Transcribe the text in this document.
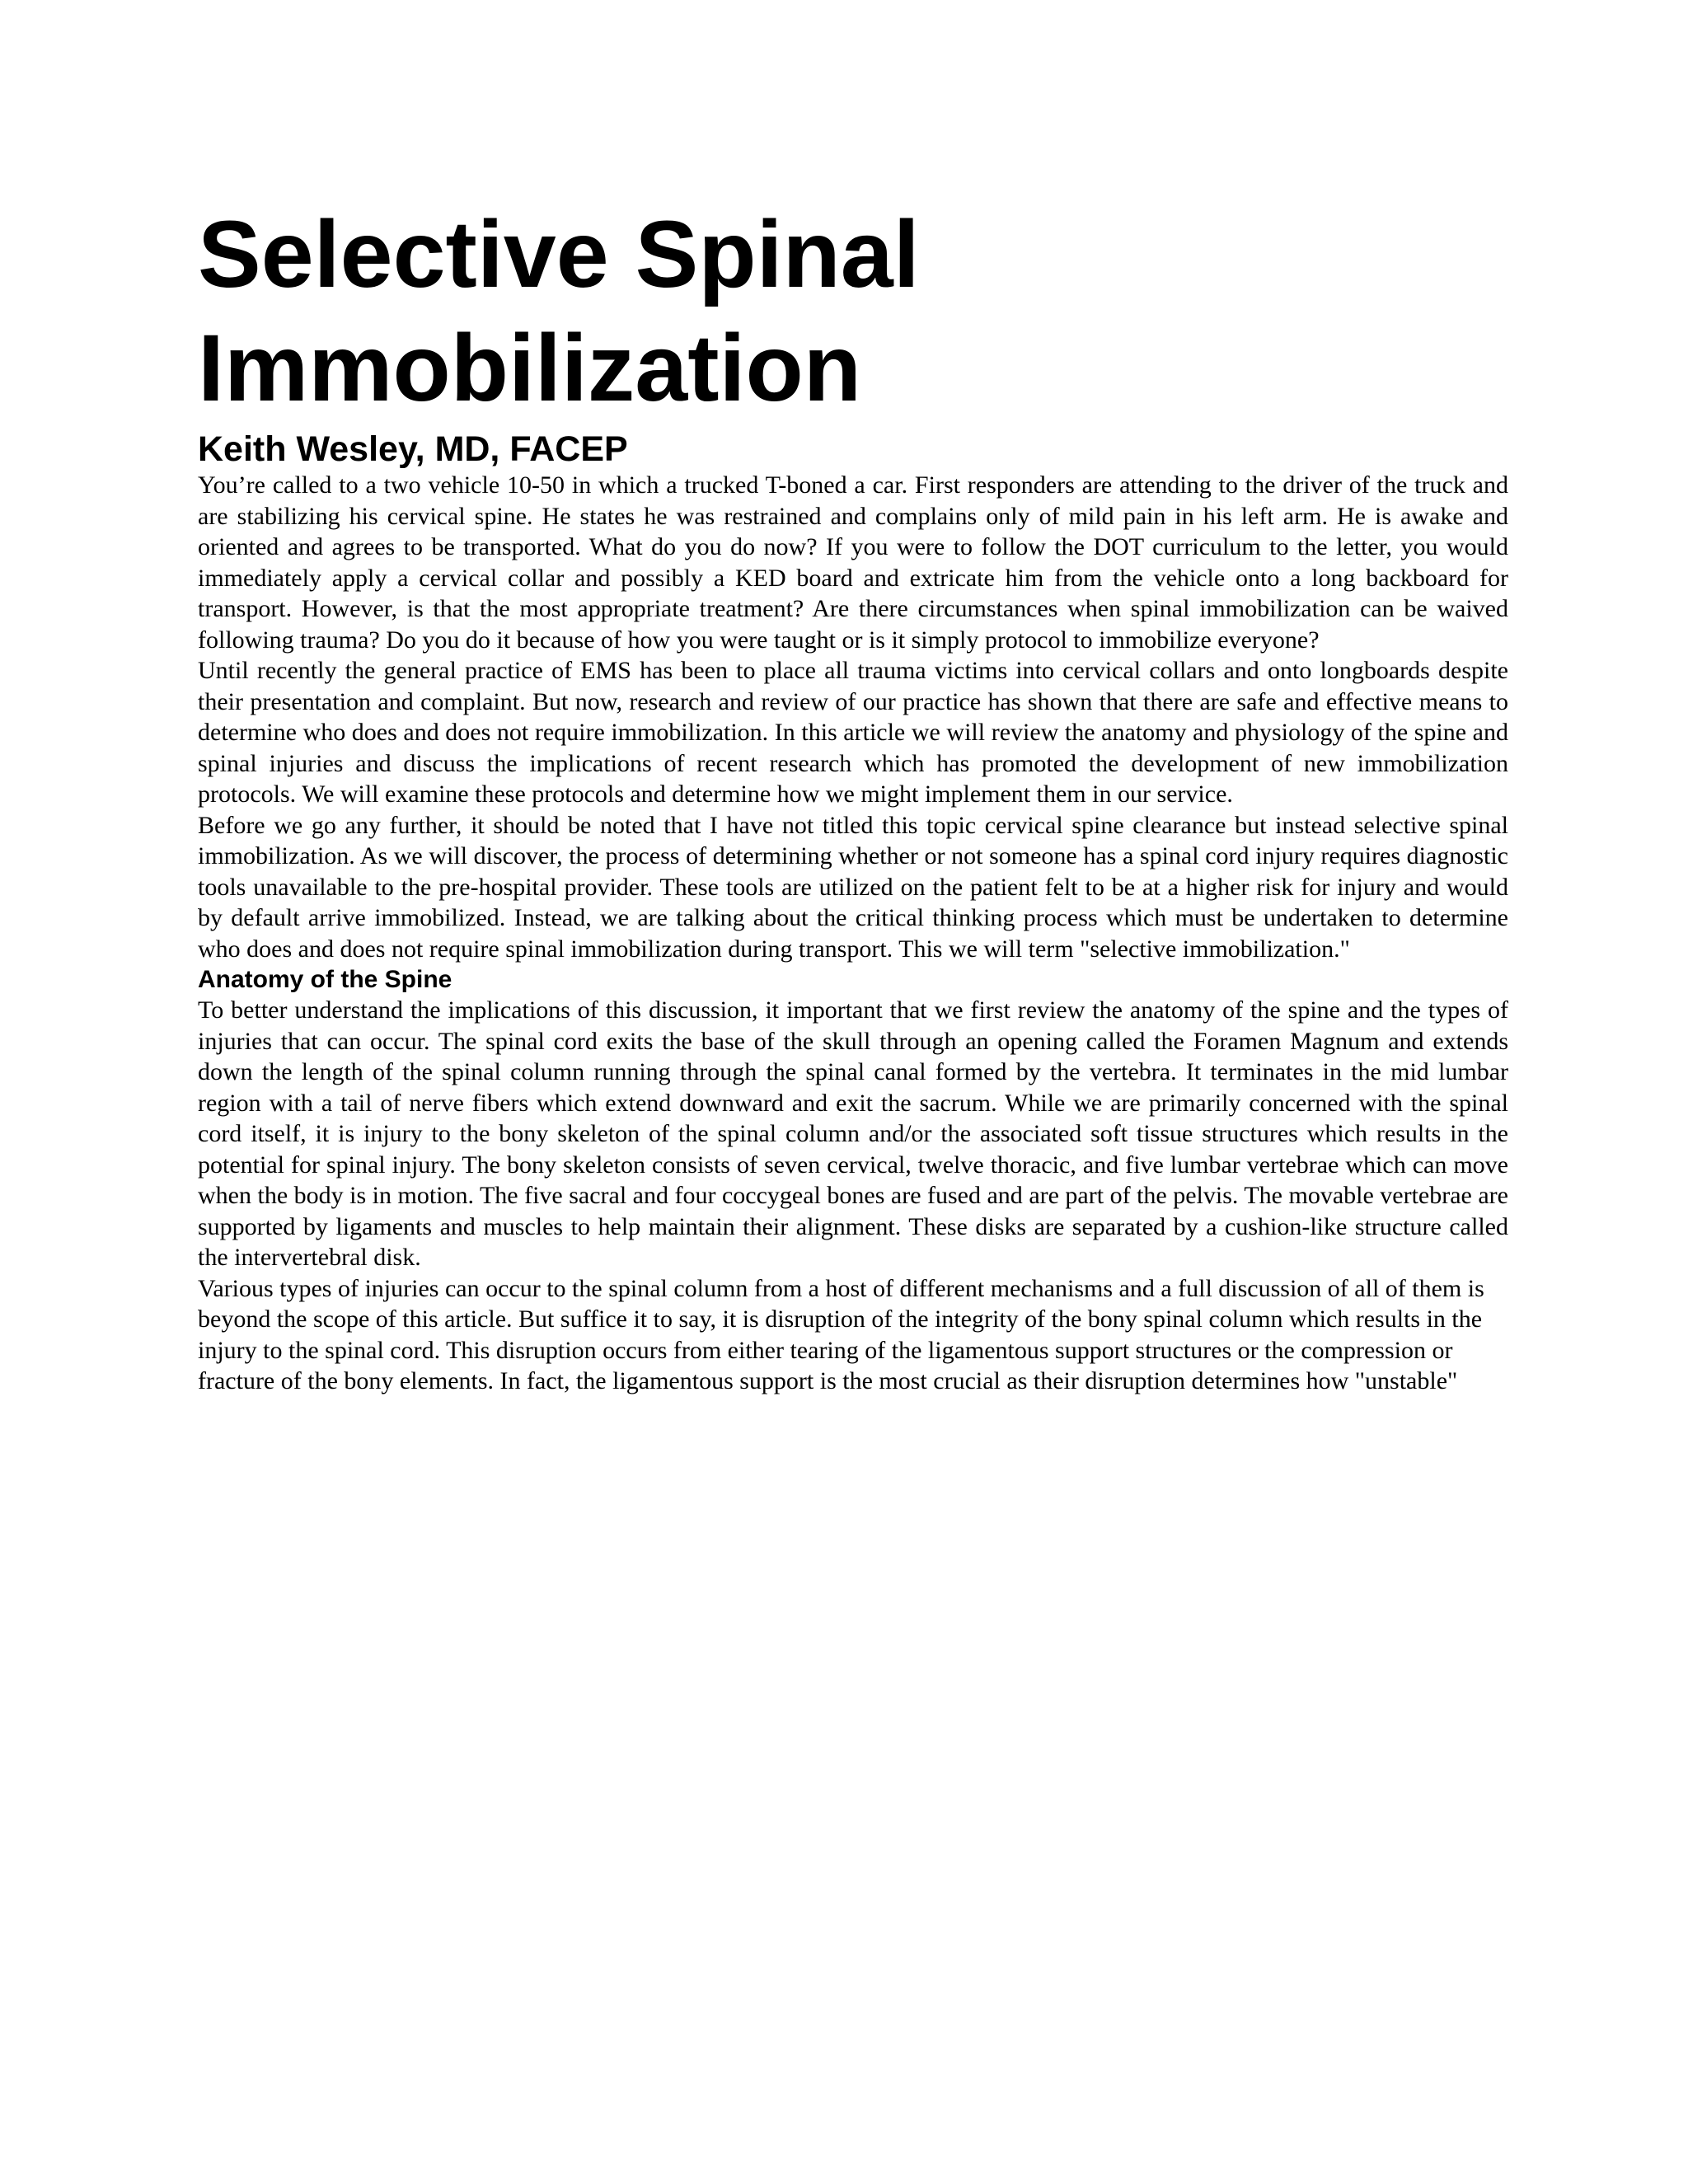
Selective Spinal
Immobilization
Keith Wesley, MD, FACEP

You’re called to a two vehicle 10-50 in which a trucked T-boned a car. First responders are attending to the driver of the truck and are stabilizing his cervical spine. He states he was restrained and complains only of mild pain in his left arm. He is awake and oriented and agrees to be transported. What do you do now? If you were to follow the DOT curriculum to the letter, you would immediately apply a cervical collar and possibly a KED board and extricate him from the vehicle onto a long backboard for transport. However, is that the most appropriate treatment? Are there circumstances when spinal immobilization can be waived following trauma? Do you do it because of how you were taught or is it simply protocol to immobilize everyone?

Until recently the general practice of EMS has been to place all trauma victims into cervical collars and onto longboards despite their presentation and complaint. But now, research and review of our practice has shown that there are safe and effective means to determine who does and does not require immobilization. In this article we will review the anatomy and physiology of the spine and spinal injuries and discuss the implications of recent research which has promoted the development of new immobilization protocols. We will examine these protocols and determine how we might implement them in our service.

Before we go any further, it should be noted that I have not titled this topic cervical spine clearance but instead selective spinal immobilization. As we will discover, the process of determining whether or not someone has a spinal cord injury requires diagnostic tools unavailable to the pre-hospital provider. These tools are utilized on the patient felt to be at a higher risk for injury and would by default arrive immobilized. Instead, we are talking about the critical thinking process which must be undertaken to determine who does and does not require spinal immobilization during transport. This we will term "selective immobilization."

Anatomy of the Spine

To better understand the implications of this discussion, it important that we first review the anatomy of the spine and the types of injuries that can occur. The spinal cord exits the base of the skull through an opening called the Foramen Magnum and extends down the length of the spinal column running through the spinal canal formed by the vertebra. It terminates in the mid lumbar region with a tail of nerve fibers which extend downward and exit the sacrum. While we are primarily concerned with the spinal cord itself, it is injury to the bony skeleton of the spinal column and/or the associated soft tissue structures which results in the potential for spinal injury. The bony skeleton consists of seven cervical, twelve thoracic, and five lumbar vertebrae which can move when the body is in motion. The five sacral and four coccygeal bones are fused and are part of the pelvis. The movable vertebrae are supported by ligaments and muscles to help maintain their alignment. These disks are separated by a cushion-like structure called the intervertebral disk.

Various types of injuries can occur to the spinal column from a host of different mechanisms and a full discussion of all of them is beyond the scope of this article. But suffice it to say, it is disruption of the integrity of the bony spinal column which results in the injury to the spinal cord. This disruption occurs from either tearing of the ligamentous support structures or the compression or fracture of the bony elements. In fact, the ligamentous support is the most crucial as their disruption determines how "unstable"
